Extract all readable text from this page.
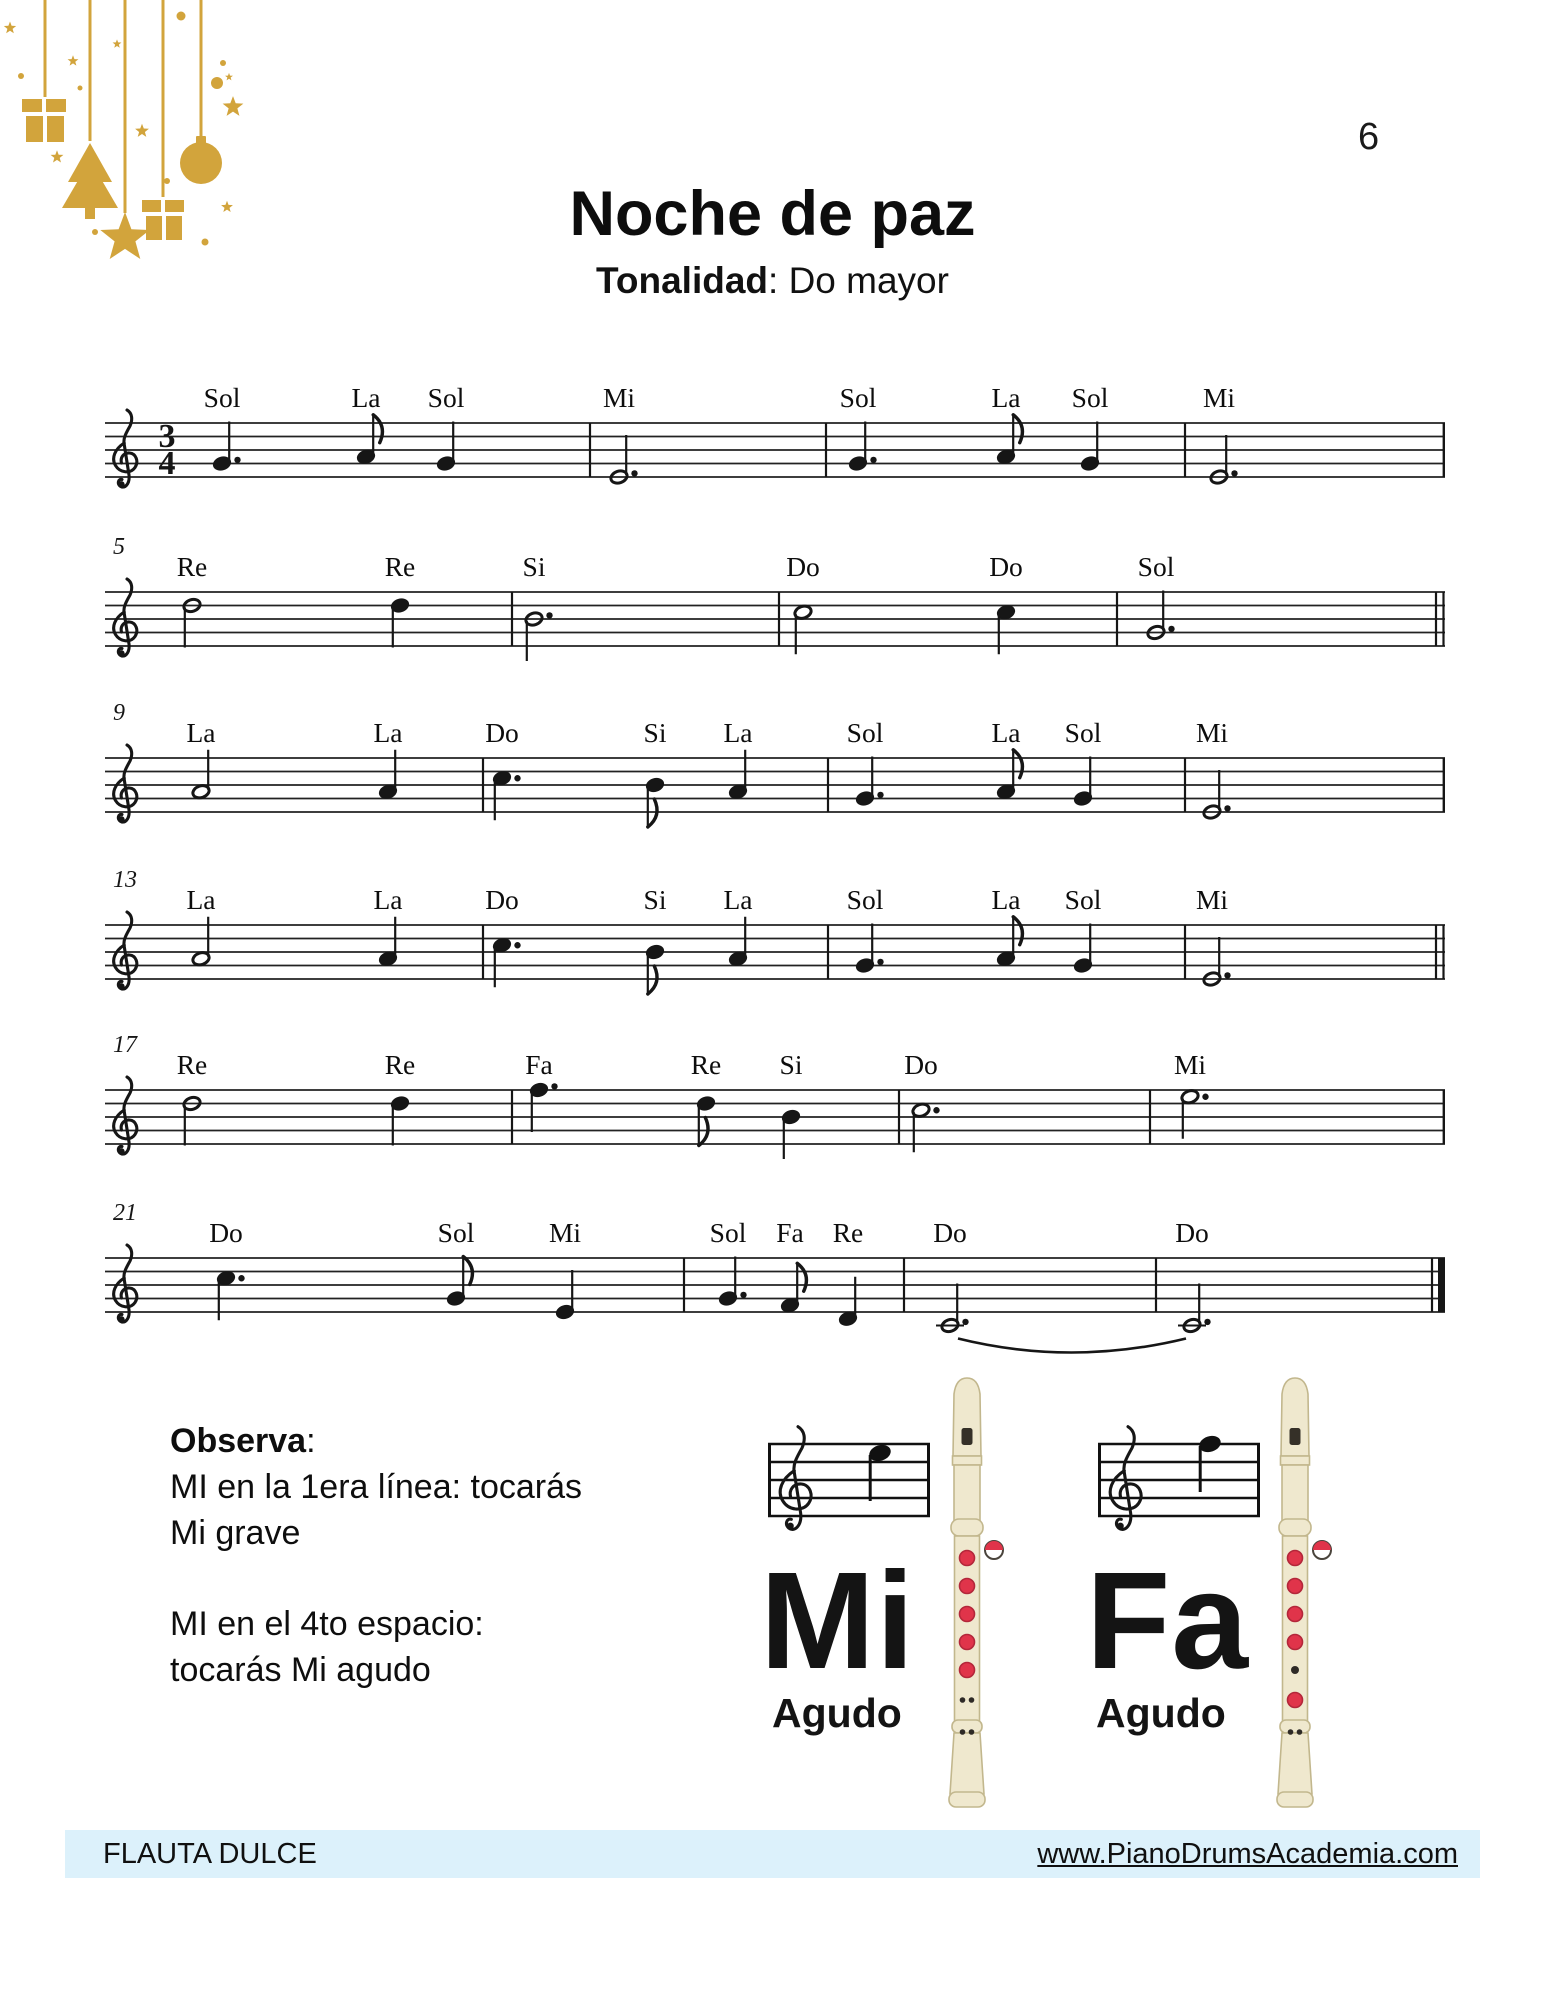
6
Noche de paz
Tonalidad: Do mayor
3
4
Sol	La Sol	Mi	Sol	La Sol	Mi
5
Re	Re	Si	Do	Do	Sol
9
La	La	Do	Si La	Sol	La Sol	Mi
13
La	La	Do	Si La	Sol	La Sol	Mi
17
Re	Re	Fa	Re Si	Do	Mi
21
Do	Sol	Mi	Sol Fa Re	Do	Do
Observa:
MI en la 1era línea: tocarás
Mi grave
MI en el 4to espacio:
tocarás Mi agudo	Mi
Agudo
Fa
Agudo
FLAUTA DULCE	www.PianoDrumsAcademia.com
